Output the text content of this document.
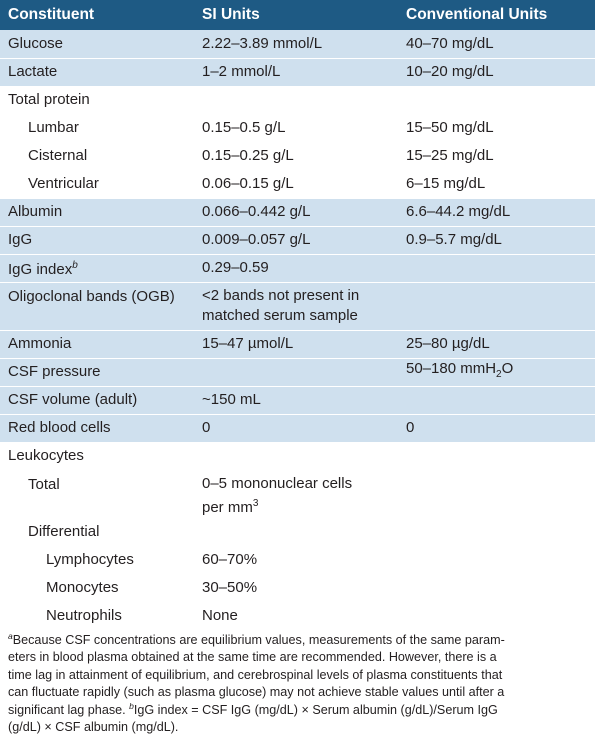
Constituent	SI Units	Conventional Units
Glucose	2.22–3.89 mmol/L	40–70 mg/dL
Lactate	1–2 mmol/L	10–20 mg/dL
Total protein		
Lumbar	0.15–0.5 g/L	15–50 mg/dL
Cisternal	0.15–0.25 g/L	15–25 mg/dL
Ventricular	0.06–0.15 g/L	6–15 mg/dL
Albumin	0.066–0.442 g/L	6.6–44.2 mg/dL
IgG	0.009–0.057 g/L	0.9–5.7 mg/dL
IgG index$^b$	0.29–0.59	
Oligoclonal bands (OGB)	<2 bands not present in
matched serum sample	
Ammonia	15–47 µmol/L	25–80 µg/dL
CSF pressure		50–180 mmH$_2$O
CSF volume (adult)	~150 mL	
Red blood cells	0	0
Leukocytes		
Total	0–5 mononuclear cells
per $mm^3$	
Differential		
Lymphocytes	60–70%	
Monocytes	30–50%	
Neutrophils	None	
$^a$Because CSF concentrations are equilibrium values, measurements of the same param-
eters in blood plasma obtained at the same time are recommended. However, there is a
time lag in attainment of equilibrium, and cerebrospinal levels of plasma constituents that
can fluctuate rapidly (such as plasma glucose) may not achieve stable values until after a
significant lag phase. $^b$IgG index = CSF IgG (mg/dL) × Serum albumin (g/dL)/Serum IgG
(g/dL) × CSF albumin (mg/dL).
